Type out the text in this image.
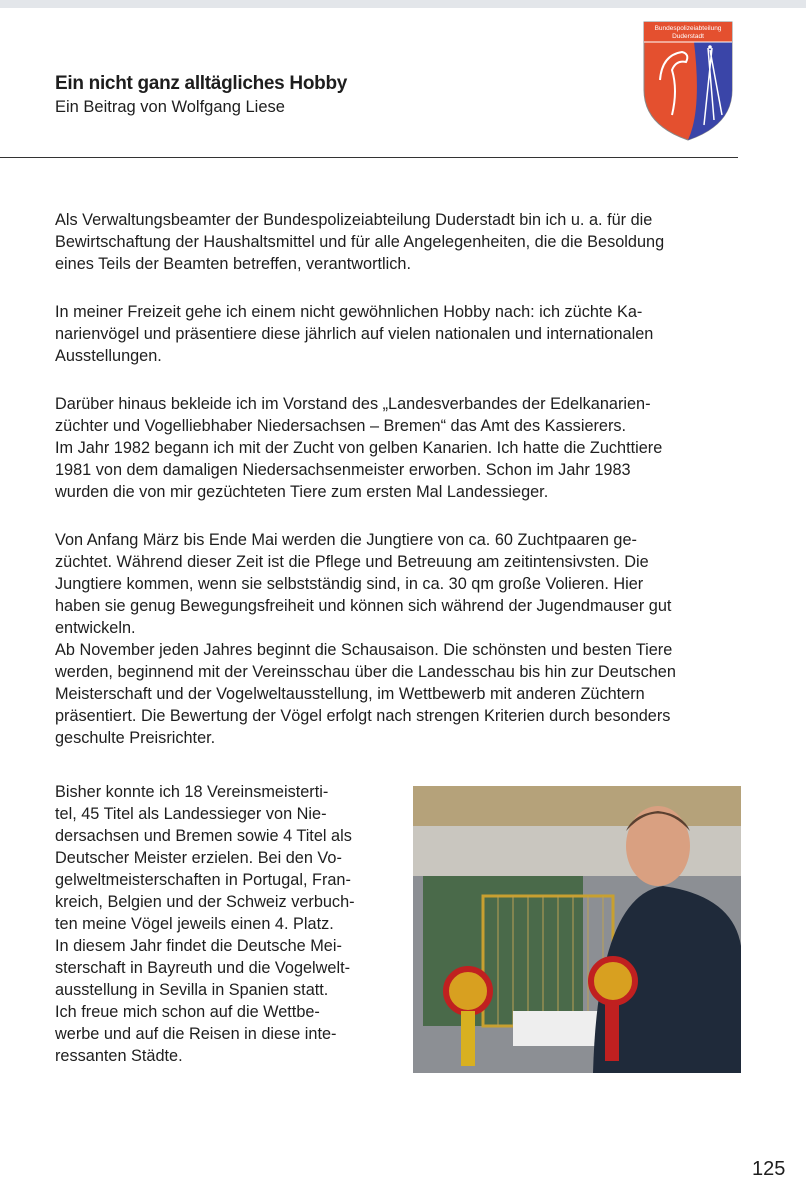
Ein nicht ganz alltägliches Hobby
Ein Beitrag von Wolfgang Liese
Bundespolizeiabteilung
Duderstadt
Als Verwaltungsbeamter der Bundespolizeiabteilung Duderstadt bin ich u. a. für die
Bewirtschaftung der Haushaltsmittel und für alle Angelegenheiten, die die Besoldung
eines Teils der Beamten betreffen, verantwortlich.
In meiner Freizeit gehe ich einem nicht gewöhnlichen Hobby nach: ich züchte Ka-
narienvögel und präsentiere diese jährlich auf vielen nationalen und internationalen
Ausstellungen.
Darüber hinaus bekleide ich im Vorstand des „Landesverbandes der Edelkanarien-
züchter und Vogelliebhaber Niedersachsen – Bremen“ das Amt des Kassierers.
Im Jahr 1982 begann ich mit der Zucht von gelben Kanarien. Ich hatte die Zuchttiere
1981 von dem damaligen Niedersachsenmeister erworben. Schon im Jahr 1983
wurden die von mir gezüchteten Tiere zum ersten Mal Landessieger.
Von Anfang März bis Ende Mai werden die Jungtiere von ca. 60 Zuchtpaaren ge-
züchtet. Während dieser Zeit ist die Pflege und Betreuung am zeitintensivsten. Die
Jungtiere kommen, wenn sie selbstständig sind, in ca. 30 qm große Volieren. Hier
haben sie genug Bewegungsfreiheit und können sich während der Jugendmauser gut
entwickeln.
Ab November jeden Jahres beginnt die Schausaison. Die schönsten und besten Tiere
werden, beginnend mit der Vereinsschau über die Landesschau bis hin zur Deutschen
Meisterschaft und der Vogelweltausstellung, im Wettbewerb mit anderen Züchtern
präsentiert. Die Bewertung der Vögel erfolgt nach strengen Kriterien durch besonders
geschulte Preisrichter.
Bisher konnte ich 18 Vereinsmeisterti-
tel, 45 Titel als Landessieger von Nie-
dersachsen und Bremen sowie 4 Titel als
Deutscher Meister erzielen. Bei den Vo-
gelweltmeisterschaften in Portugal, Fran-
kreich, Belgien und der Schweiz verbuch-
ten meine Vögel jeweils einen 4. Platz.
In diesem Jahr findet die Deutsche Mei-
sterschaft in Bayreuth und die Vogelwelt-
ausstellung in Sevilla in Spanien statt.
Ich freue mich schon auf die Wettbe-
werbe und auf die Reisen in diese inte-
ressanten Städte.
125
